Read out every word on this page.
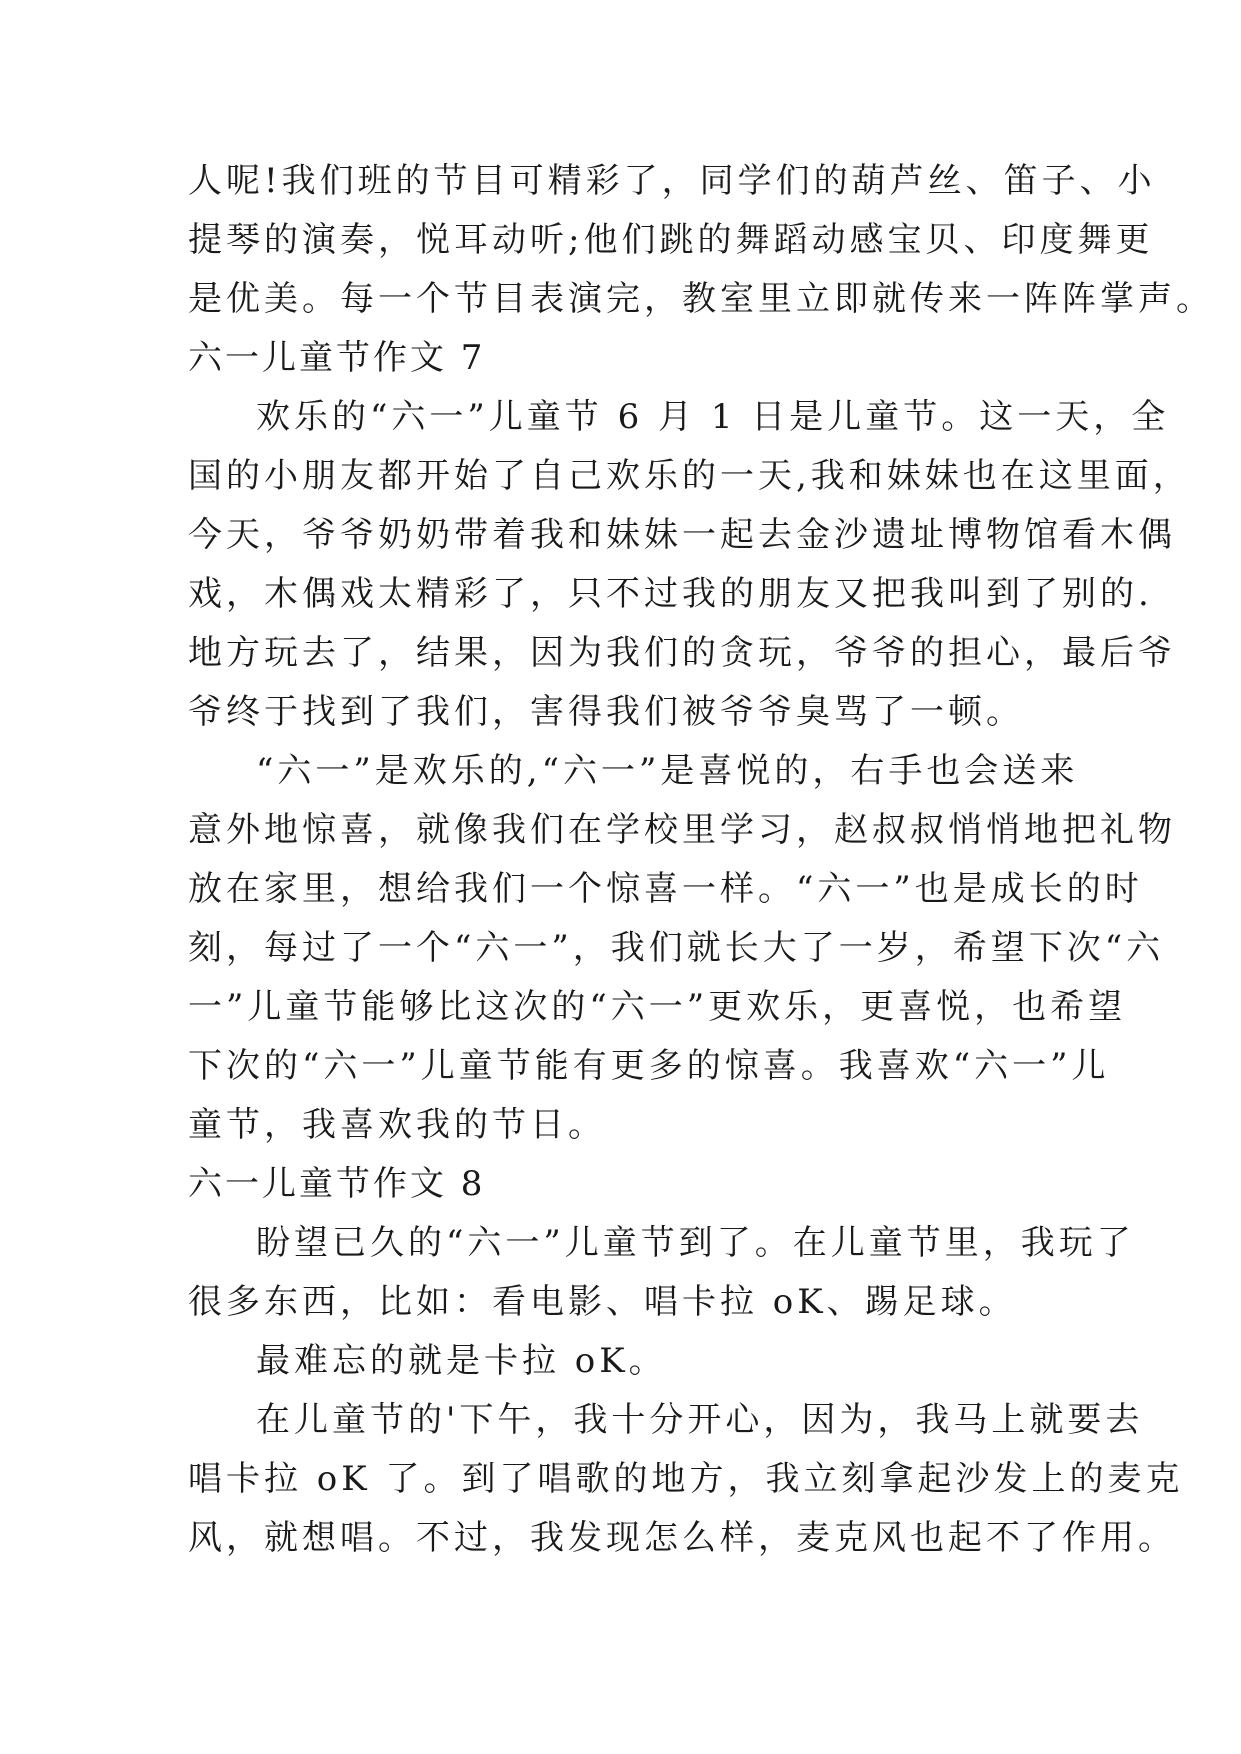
人呢!我们班的节目可精彩了，同学们的葫芦丝、笛子、小
提琴的演奏，悦耳动听;他们跳的舞蹈动感宝贝、印度舞更
是优美。每一个节目表演完，教室里立即就传来一阵阵掌声。
六一儿童节作文 7
欢乐的“六一”儿童节 6 月 1 日是儿童节。这一天，全
国的小朋友都开始了自己欢乐的一天,我和妹妹也在这里面，
今天，爷爷奶奶带着我和妹妹一起去金沙遗址博物馆看木偶
戏，木偶戏太精彩了，只不过我的朋友又把我叫到了别的.
地方玩去了，结果，因为我们的贪玩，爷爷的担心，最后爷
爷终于找到了我们，害得我们被爷爷臭骂了一顿。
“六一”是欢乐的,“六一”是喜悦的，右手也会送来
意外地惊喜，就像我们在学校里学习，赵叔叔悄悄地把礼物
放在家里，想给我们一个惊喜一样。“六一”也是成长的时
刻，每过了一个“六一”，我们就长大了一岁，希望下次“六
一”儿童节能够比这次的“六一”更欢乐，更喜悦，也希望
下次的“六一”儿童节能有更多的惊喜。我喜欢“六一”儿
童节，我喜欢我的节日。
六一儿童节作文 8
盼望已久的“六一”儿童节到了。在儿童节里，我玩了
很多东西，比如：看电影、唱卡拉 oK、踢足球。
最难忘的就是卡拉 oK。
在儿童节的'下午，我十分开心，因为，我马上就要去
唱卡拉 oK 了。到了唱歌的地方，我立刻拿起沙发上的麦克
风，就想唱。不过，我发现怎么样，麦克风也起不了作用。
